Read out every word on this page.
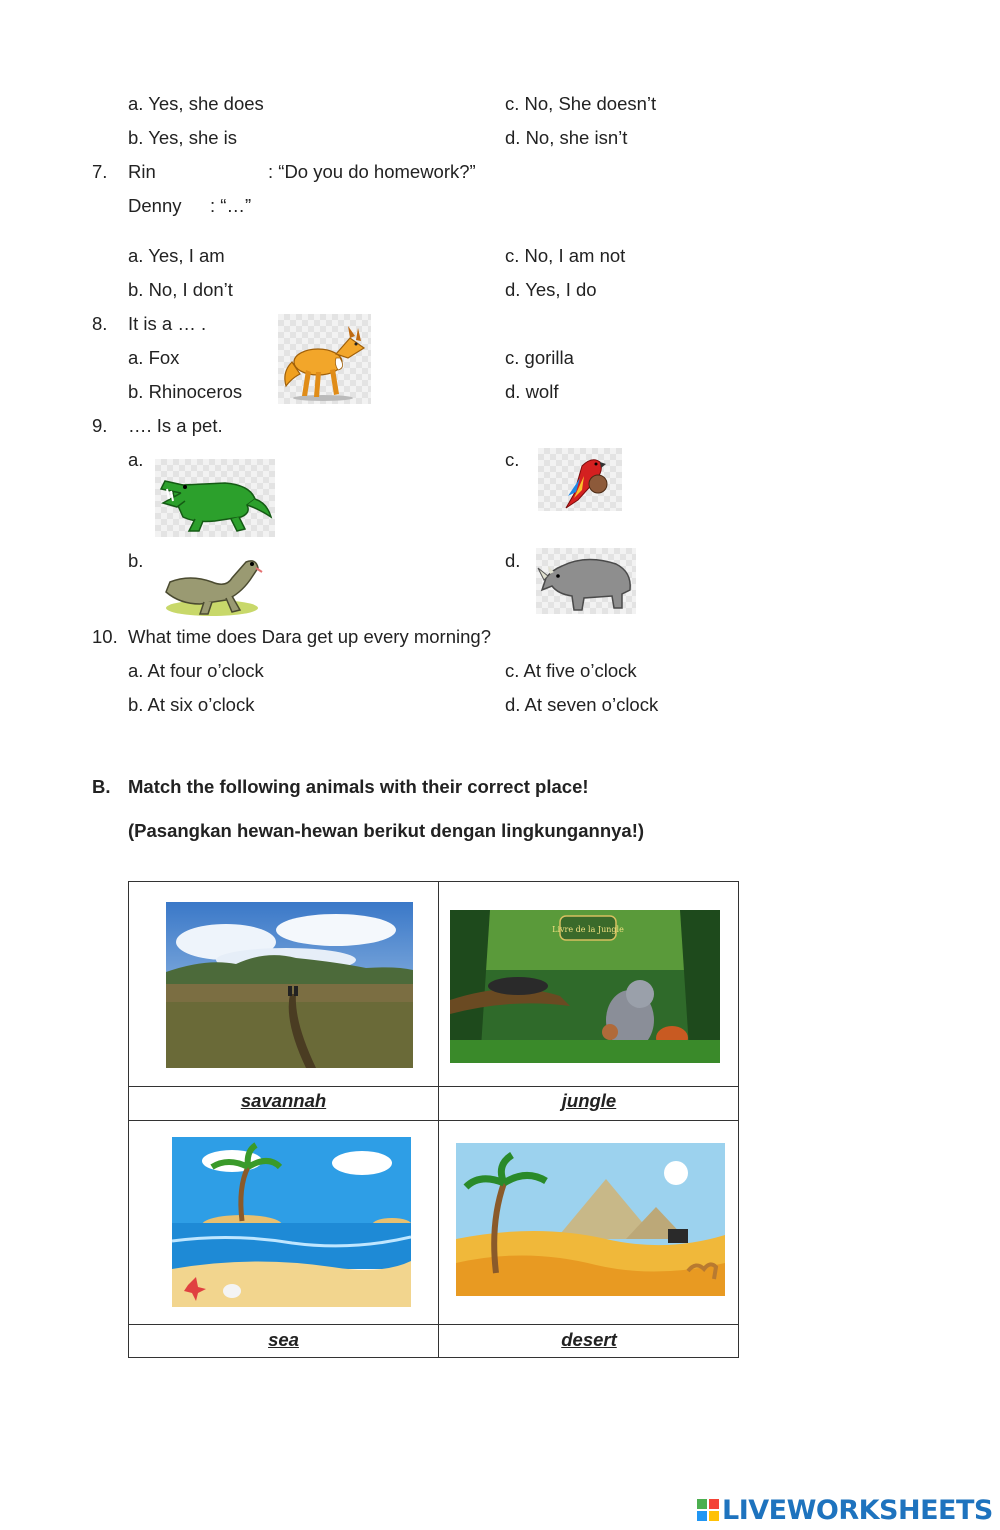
a. Yes, she does	c. No, She doesn’t
b. Yes, she is	d. No, she isn’t
7. Rin	: “Do you do homework?”
Denny : “…”
a. Yes, I am	c. No, I am not
b. No, I don’t	d. Yes, I do
8. It is a … .
a. Fox	c. gorilla
b. Rhinoceros	d. wolf
9. …. Is a pet.
a.	c.
b.	d.
10. What time does Dara get up every morning?
a. At four o’clock	c. At five o’clock
b. At six o’clock	d. At seven o’clock
B. Match the following animals with their correct place!
(Pasangkan hewan-hewan berikut dengan lingkungannya!)
Livre de la Jungle
savannah	jungle
sea	desert
LIVEWORKSHEETS
